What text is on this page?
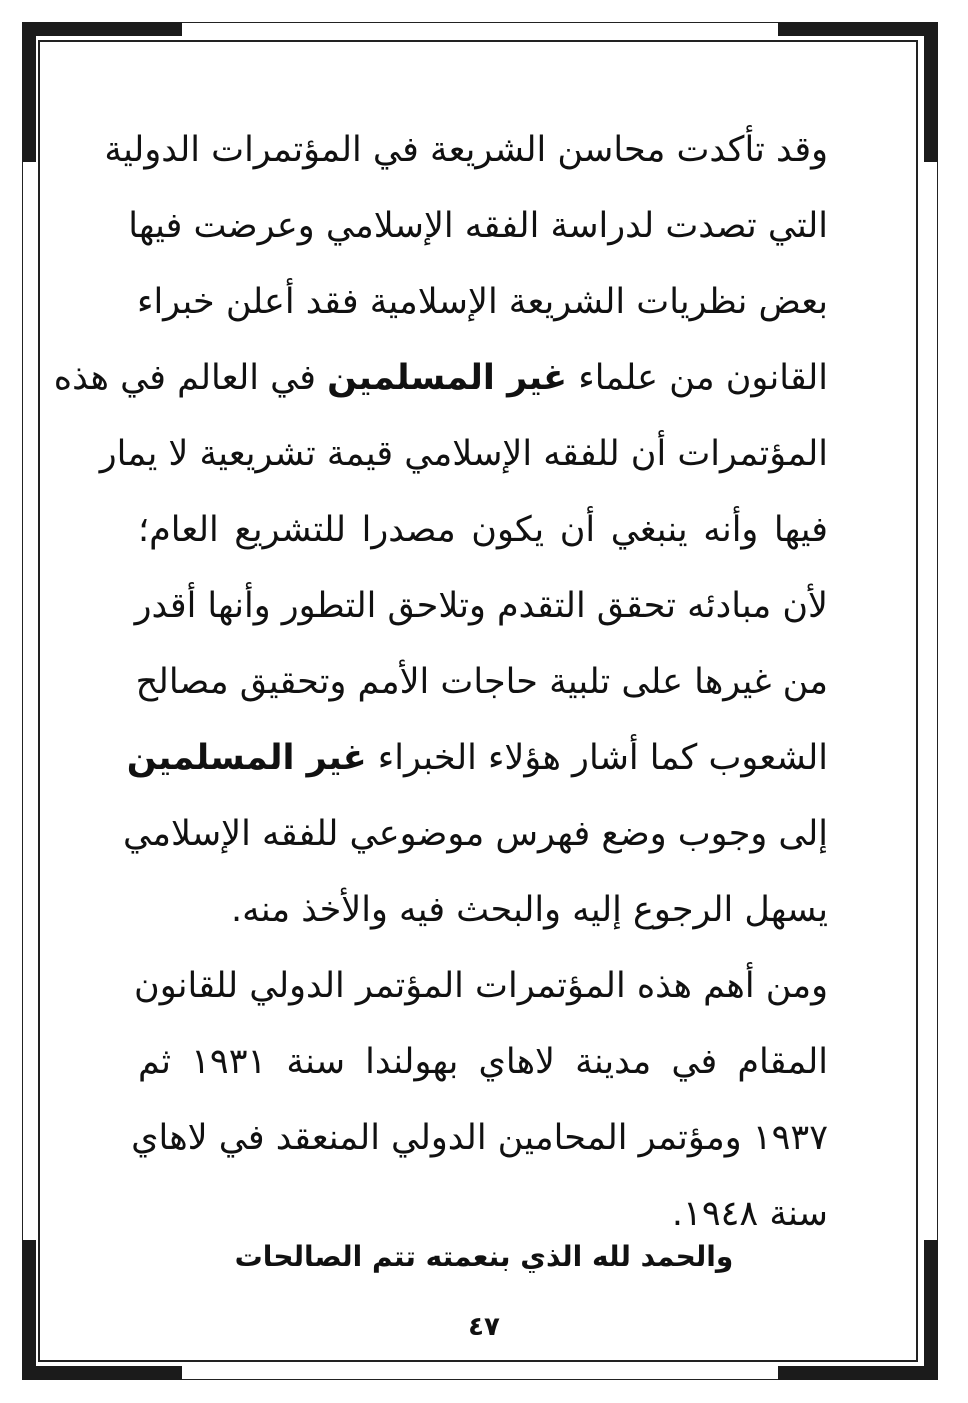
وقد تأكدت محاسن الشريعة في المؤتمرات الدولية
التي تصدت لدراسة الفقه الإسلامي وعرضت فيها
بعض نظريات الشريعة الإسلامية فقد أعلن خبراء
القانون من علماء غير المسلمين في العالم في هذه
المؤتمرات أن للفقه الإسلامي قيمة تشريعية لا يمار
فيها وأنه ينبغي أن يكون مصدرا للتشريع العام؛
لأن مبادئه تحقق التقدم وتلاحق التطور وأنها أقدر
من غيرها على تلبية حاجات الأمم وتحقيق مصالح
الشعوب كما أشار هؤلاء الخبراء غير المسلمين
إلى وجوب وضع فهرس موضوعي للفقه الإسلامي
يسهل الرجوع إليه والبحث فيه والأخذ منه.
ومن أهم هذه المؤتمرات المؤتمر الدولي للقانون
المقام في مدينة لاهاي بهولندا سنة ١٩٣١ ثم
١٩٣٧ ومؤتمر المحامين الدولي المنعقد في لاهاي
سنة ١٩٤٨.
والحمد لله الذي بنعمته تتم الصالحات
٤٧
